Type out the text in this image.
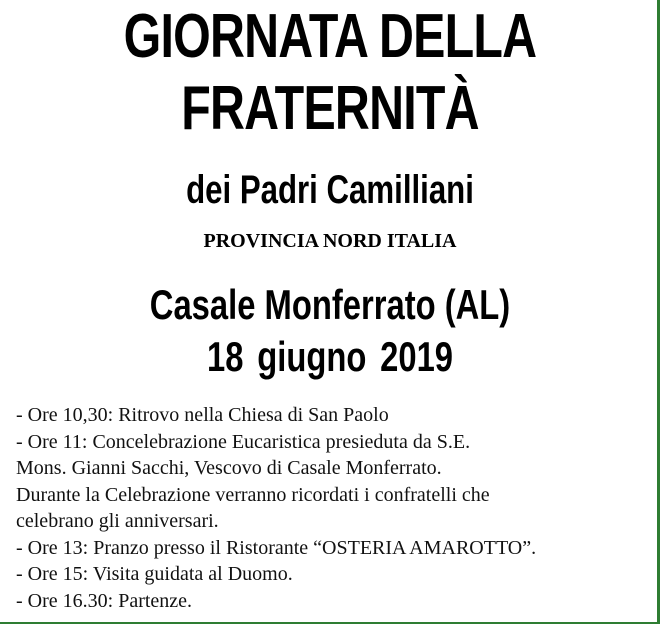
GIORNATA DELLA
FRATERNITÀ
dei Padri Camilliani
PROVINCIA NORD ITALIA
Casale Monferrato (AL)
18 giugno 2019
- Ore 10,30: Ritrovo nella Chiesa di San Paolo
- Ore 11: Concelebrazione Eucaristica presieduta da S.E.
Mons. Gianni Sacchi, Vescovo di Casale Monferrato.
Durante la Celebrazione verranno ricordati i confratelli che
celebrano gli anniversari.
- Ore 13: Pranzo presso il Ristorante “OSTERIA AMAROTTO”.
- Ore 15: Visita guidata al Duomo.
- Ore 16.30: Partenze.
